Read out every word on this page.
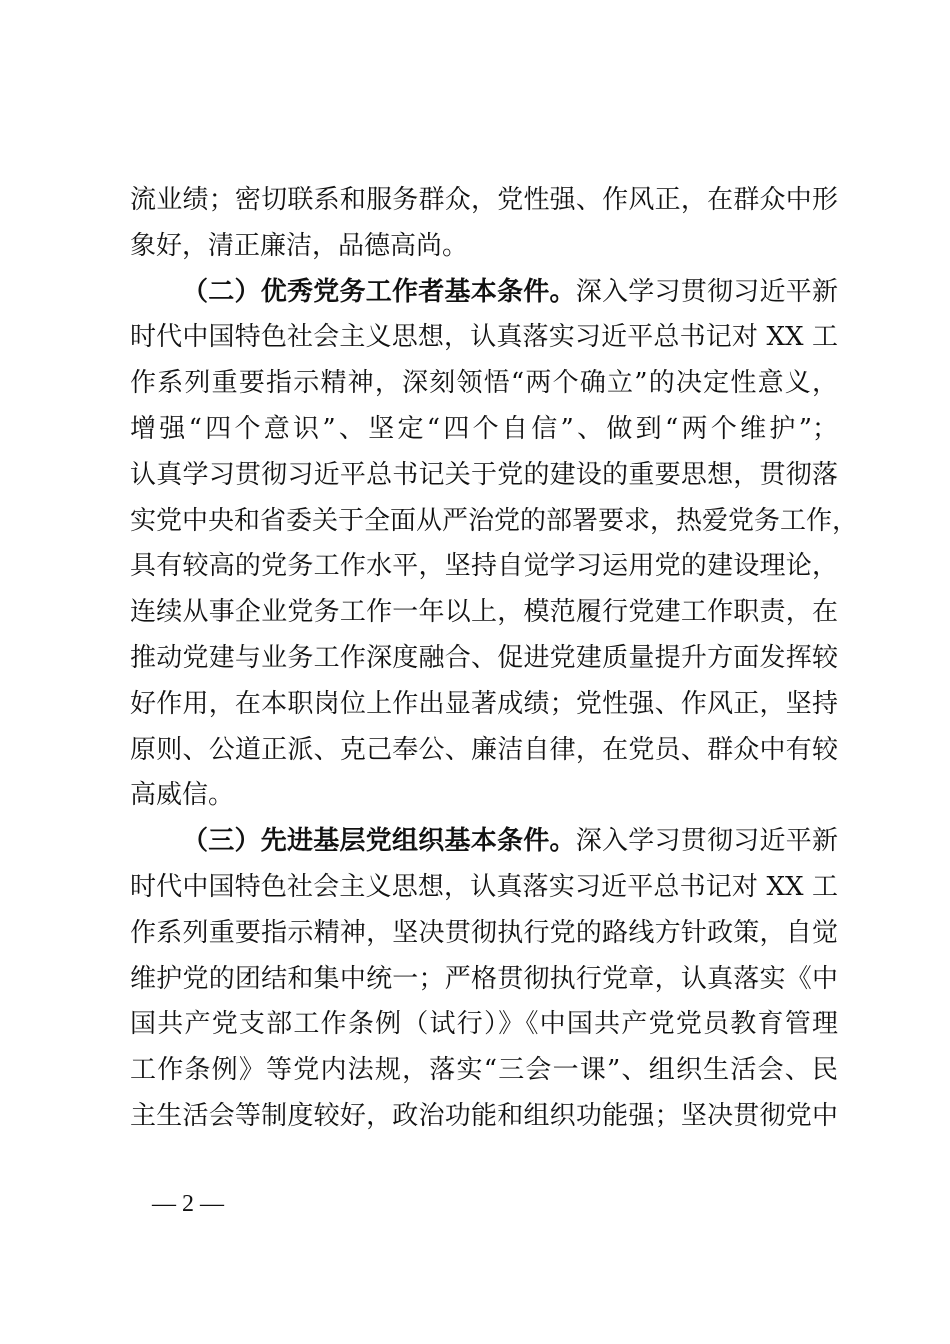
流业绩；密切联系和服务群众，党性强、作风正，在群众中形
象好，清正廉洁，品德高尚。
（二）优秀党务工作者基本条件。深入学习贯彻习近平新
时代中国特色社会主义思想，认真落实习近平总书记对 XX 工
作系列重要指示精神，深刻领悟“两个确立”的决定性意义，
增强“四个意识”、坚定“四个自信”、做到“两个维护”；
认真学习贯彻习近平总书记关于党的建设的重要思想，贯彻落
实党中央和省委关于全面从严治党的部署要求，热爱党务工作，
具有较高的党务工作水平，坚持自觉学习运用党的建设理论，
连续从事企业党务工作一年以上，模范履行党建工作职责，在
推动党建与业务工作深度融合、促进党建质量提升方面发挥较
好作用，在本职岗位上作出显著成绩；党性强、作风正，坚持
原则、公道正派、克己奉公、廉洁自律，在党员、群众中有较
高威信。
（三）先进基层党组织基本条件。深入学习贯彻习近平新
时代中国特色社会主义思想，认真落实习近平总书记对 XX 工
作系列重要指示精神，坚决贯彻执行党的路线方针政策，自觉
维护党的团结和集中统一；严格贯彻执行党章，认真落实《中
国共产党支部工作条例（试行）》《中国共产党党员教育管理
工作条例》等党内法规，落实“三会一课”、组织生活会、民
主生活会等制度较好，政治功能和组织功能强；坚决贯彻党中
— 2 —
